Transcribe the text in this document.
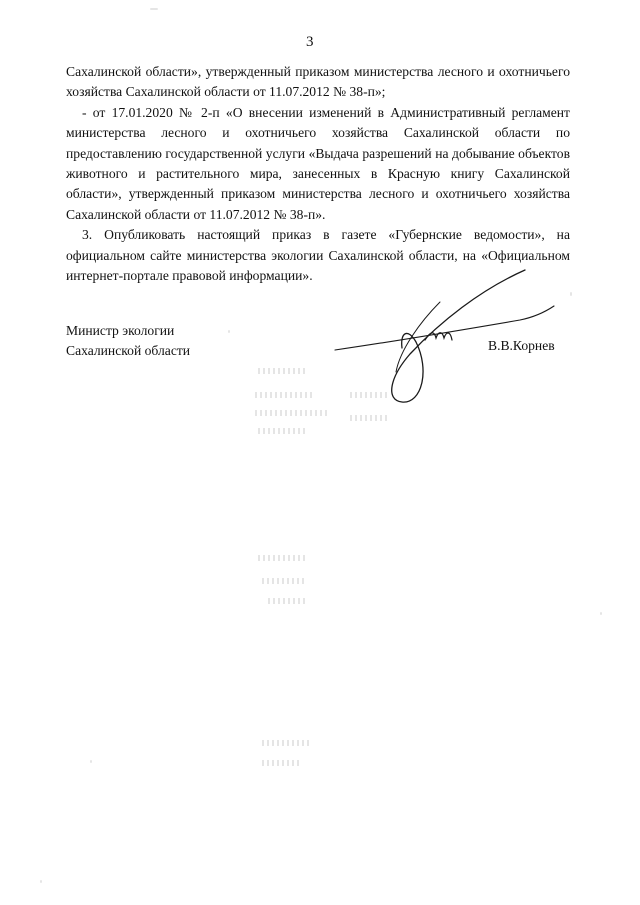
3

Сахалинской области», утвержденный приказом министерства лесного и охотничьего хозяйства Сахалинской области от 11.07.2012 № 38-п»;

- от 17.01.2020 № 2-п «О внесении изменений в Административный регламент министерства лесного и охотничьего хозяйства Сахалинской области по предоставлению государственной услуги «Выдача разрешений на добывание объектов животного и растительного мира, занесенных в Красную книгу Сахалинской области», утвержденный приказом министерства лесного и охотничьего хозяйства Сахалинской области от 11.07.2012 № 38-п».

3. Опубликовать настоящий приказ в газете «Губернские ведомости», на официальном сайте министерства экологии Сахалинской области, на «Официальном интернет-портале правовой информации».

Министр экологии
Сахалинской области	В.В.Корнев
